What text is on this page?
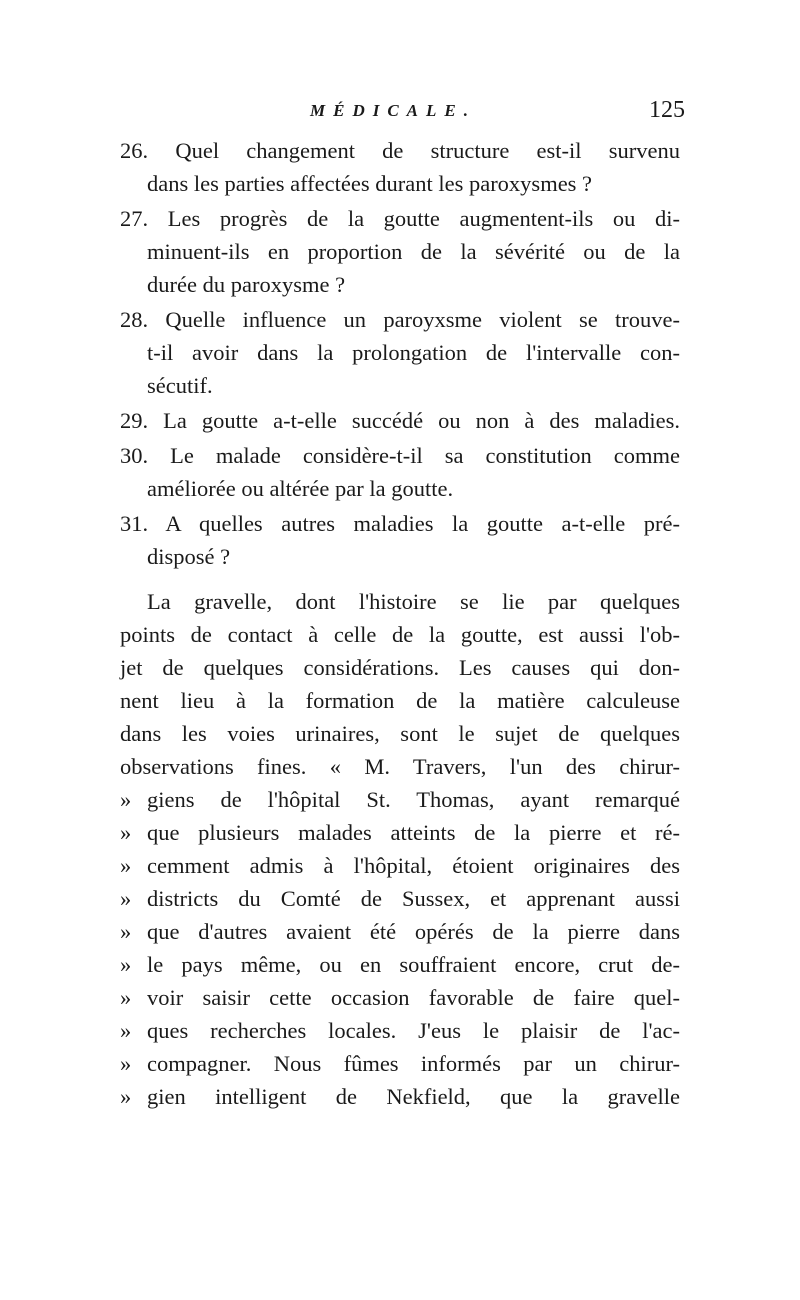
MÉDICALE.	125
26. Quel changement de structure est-il survenu
dans les parties affectées durant les paroxysmes ?
27. Les progrès de la goutte augmentent-ils ou di-
minuent-ils en proportion de la sévérité ou de la
durée du paroxysme ?
28. Quelle influence un paroyxsme violent se trouve-
t-il avoir dans la prolongation de l'intervalle con-
sécutif.
29. La goutte a-t-elle succédé ou non à des maladies.
30. Le malade considère-t-il sa constitution comme
améliorée ou altérée par la goutte.
31. A quelles autres maladies la goutte a-t-elle pré-
disposé ?
La gravelle, dont l'histoire se lie par quelques
points de contact à celle de la goutte, est aussi l'ob-
jet de quelques considérations. Les causes qui don-
nent lieu à la formation de la matière calculeuse
dans les voies urinaires, sont le sujet de quelques
observations fines. « M. Travers, l'un des chirur-
» giens de l'hôpital St. Thomas, ayant remarqué
» que plusieurs malades atteints de la pierre et ré-
» cemment admis à l'hôpital, étoient originaires des
» districts du Comté de Sussex, et apprenant aussi
» que d'autres avaient été opérés de la pierre dans
» le pays même, ou en souffraient encore, crut de-
» voir saisir cette occasion favorable de faire quel-
» ques recherches locales. J'eus le plaisir de l'ac-
» compagner. Nous fûmes informés par un chirur-
» gien intelligent de Nekfield, que la gravelle
